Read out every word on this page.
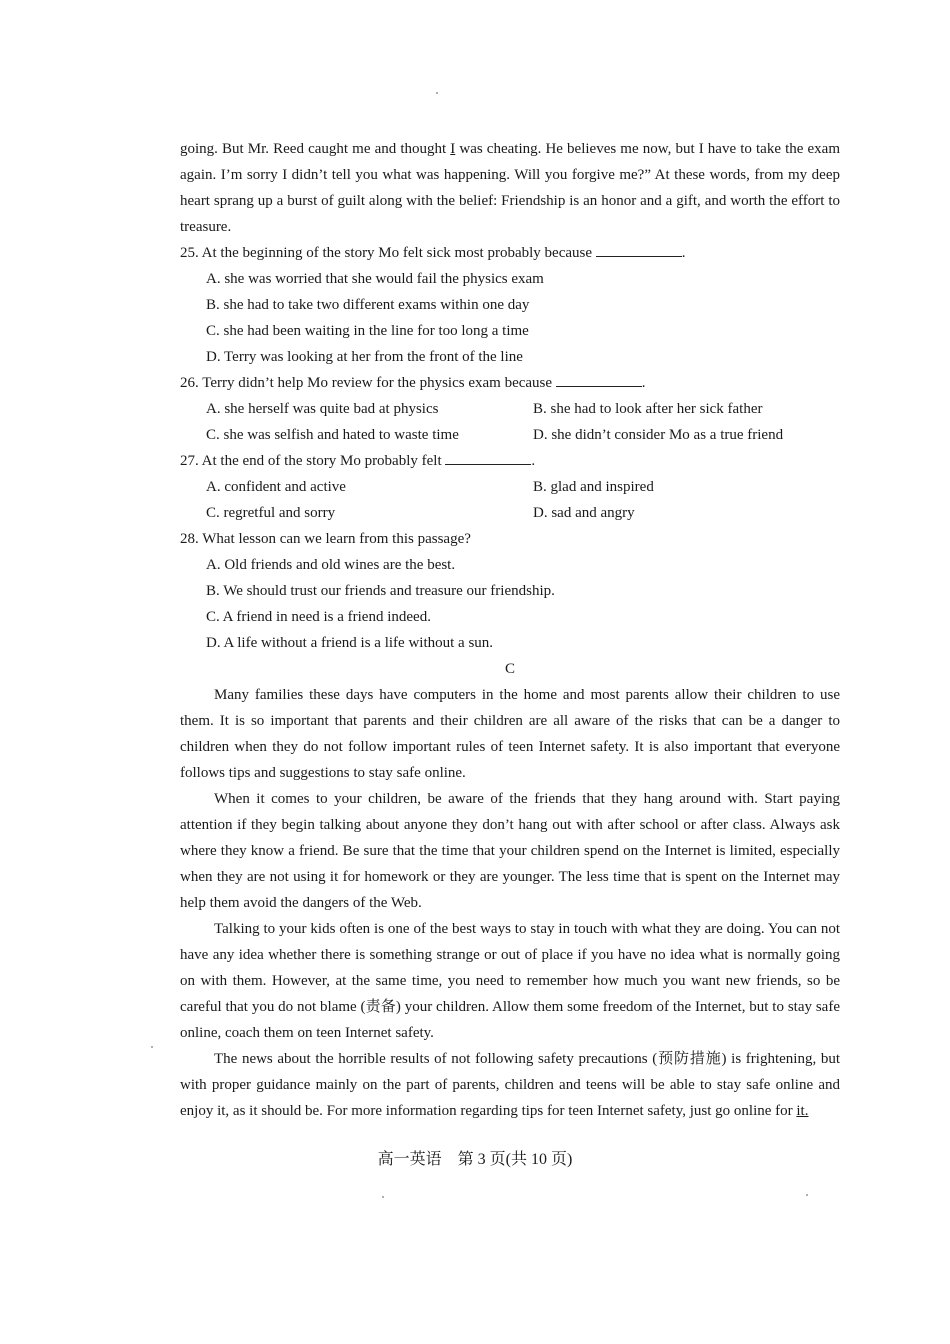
going. But Mr. Reed caught me and thought I was cheating. He believes me now, but I have to take the exam again. I’m sorry I didn’t tell you what was happening. Will you forgive me?” At these words, from my deep heart sprang up a burst of guilt along with the belief: Friendship is an honor and a gift, and worth the effort to treasure.

25. At the beginning of the story Mo felt sick most probably because	.
A. she was worried that she would fail the physics exam
B. she had to take two different exams within one day
C. she had been waiting in the line for too long a time
D. Terry was looking at her from the front of the line
26. Terry didn’t help Mo review for the physics exam because	.
A. she herself was quite bad at physics	B. she had to look after her sick father
C. she was selfish and hated to waste time	D. she didn’t consider Mo as a true friend
27. At the end of the story Mo probably felt	.
A. confident and active	B. glad and inspired
C. regretful and sorry	D. sad and angry
28. What lesson can we learn from this passage?
A. Old friends and old wines are the best.
B. We should trust our friends and treasure our friendship.
C. A friend in need is a friend indeed.
D. A life without a friend is a life without a sun.
C

Many families these days have computers in the home and most parents allow their children to use them. It is so important that parents and their children are all aware of the risks that can be a danger to children when they do not follow important rules of teen Internet safety. It is also important that everyone follows tips and suggestions to stay safe online.

When it comes to your children, be aware of the friends that they hang around with. Start paying attention if they begin talking about anyone they don’t hang out with after school or after class. Always ask where they know a friend. Be sure that the time that your children spend on the Internet is limited, especially when they are not using it for homework or they are younger. The less time that is spent on the Internet may help them avoid the dangers of the Web.

Talking to your kids often is one of the best ways to stay in touch with what they are doing. You can not have any idea whether there is something strange or out of place if you have no idea what is normally going on with them. However, at the same time, you need to remember how much you want new friends, so be careful that you do not blame (责备) your children. Allow them some freedom of the Internet, but to stay safe online, coach them on teen Internet safety.

The news about the horrible results of not following safety precautions (预防措施) is frightening, but with proper guidance mainly on the part of parents, children and teens will be able to stay safe online and enjoy it, as it should be. For more information regarding tips for teen Internet safety, just go online for it.

高一英语　第 3 页(共 10 页)
